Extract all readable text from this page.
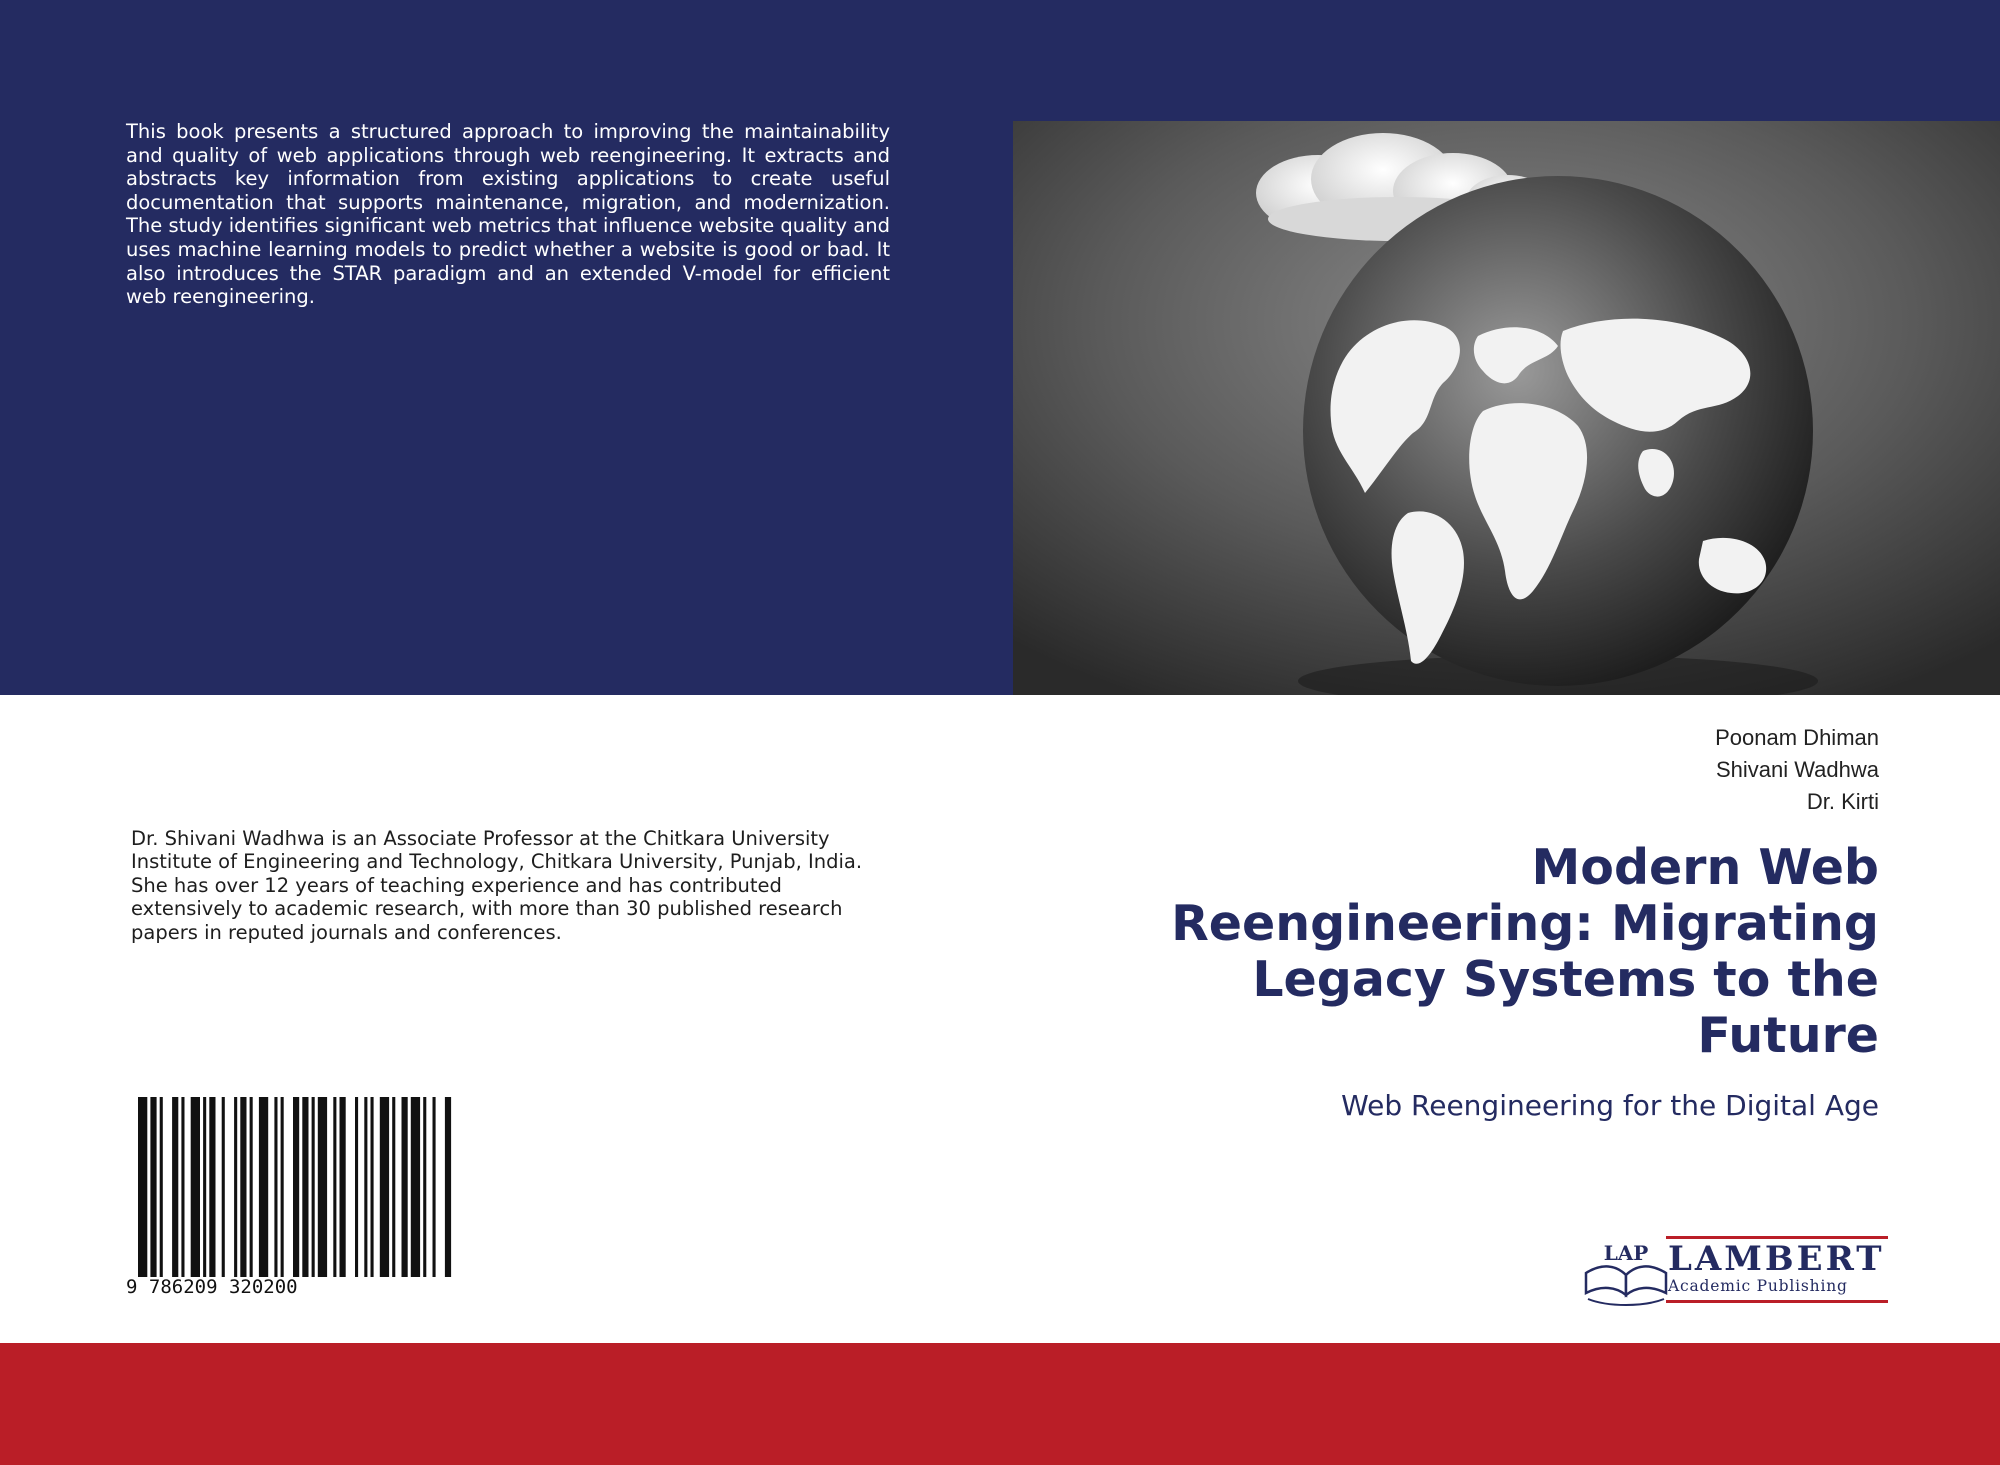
This book presents a structured approach to improving the maintainability and quality of web applications through web reengineering. It extracts and abstracts key information from existing applications to create useful documentation that supports maintenance, migration, and modernization. The study identifies significant web metrics that influence website quality and uses machine learning models to predict whether a website is good or bad. It also introduces the STAR paradigm and an extended V-model for efficient web reengineering.

Poonam Dhiman
Shivani Wadhwa
Dr. Kirti

Dr. Shivani Wadhwa is an Associate Professor at the Chitkara University Institute of Engineering and Technology, Chitkara University, Punjab, India. She has over 12 years of teaching experience and has contributed extensively to academic research, with more than 30 published research papers in reputed journals and conferences.

Modern Web Reengineering: Migrating Legacy Systems to the Future
Web Reengineering for the Digital Age
9 786209 320200
LAP LAMBERT
Academic Publishing
